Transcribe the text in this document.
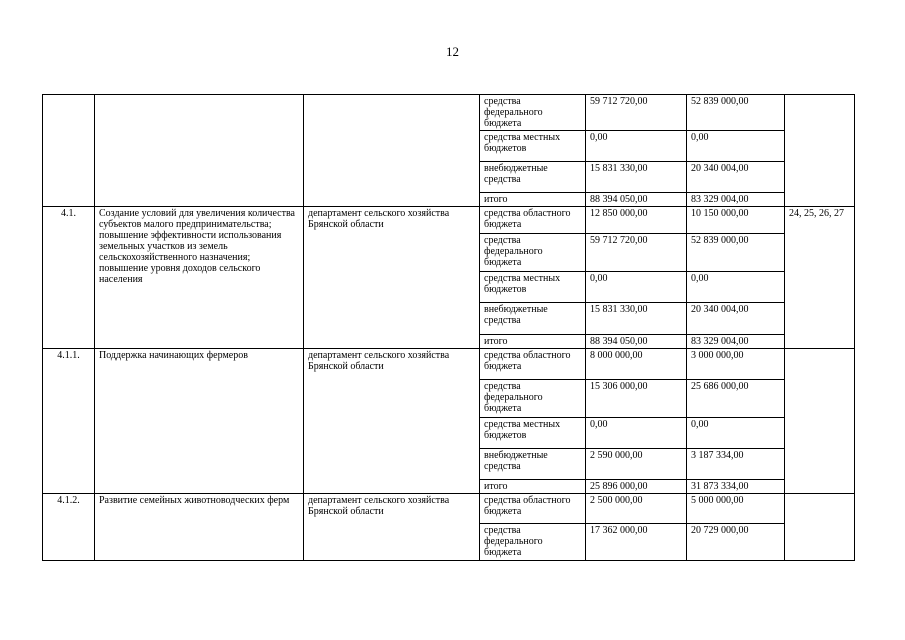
12
			средства федерального бюджета	59 712 720,00	52 839 000,00	
			средства местных бюджетов	0,00	0,00	
			внебюджетные средства	15 831 330,00	20 340 004,00	
			итого	88 394 050,00	83 329 004,00	
4.1.	Создание условий для увеличения количества субъектов малого предпринимательства; повышение эффективности использования земельных участков из земель сельскохозяйственного назначения; повышение уровня доходов сельского населения	департамент сельского хозяйства Брянской области	средства областного бюджета	12 850 000,00	10 150 000,00	24, 25, 26, 27
			средства федерального бюджета	59 712 720,00	52 839 000,00	
			средства местных бюджетов	0,00	0,00	
			внебюджетные средства	15 831 330,00	20 340 004,00	
			итого	88 394 050,00	83 329 004,00	
4.1.1.	Поддержка начинающих фермеров	департамент сельского хозяйства Брянской области	средства областного бюджета	8 000 000,00	3 000 000,00	
			средства федерального бюджета	15 306 000,00	25 686 000,00	
			средства местных бюджетов	0,00	0,00	
			внебюджетные средства	2 590 000,00	3 187 334,00	
			итого	25 896 000,00	31 873 334,00	
4.1.2.	Развитие семейных животноводческих ферм	департамент сельского хозяйства Брянской области	средства областного бюджета	2 500 000,00	5 000 000,00	
			средства федерального бюджета	17 362 000,00	20 729 000,00	
